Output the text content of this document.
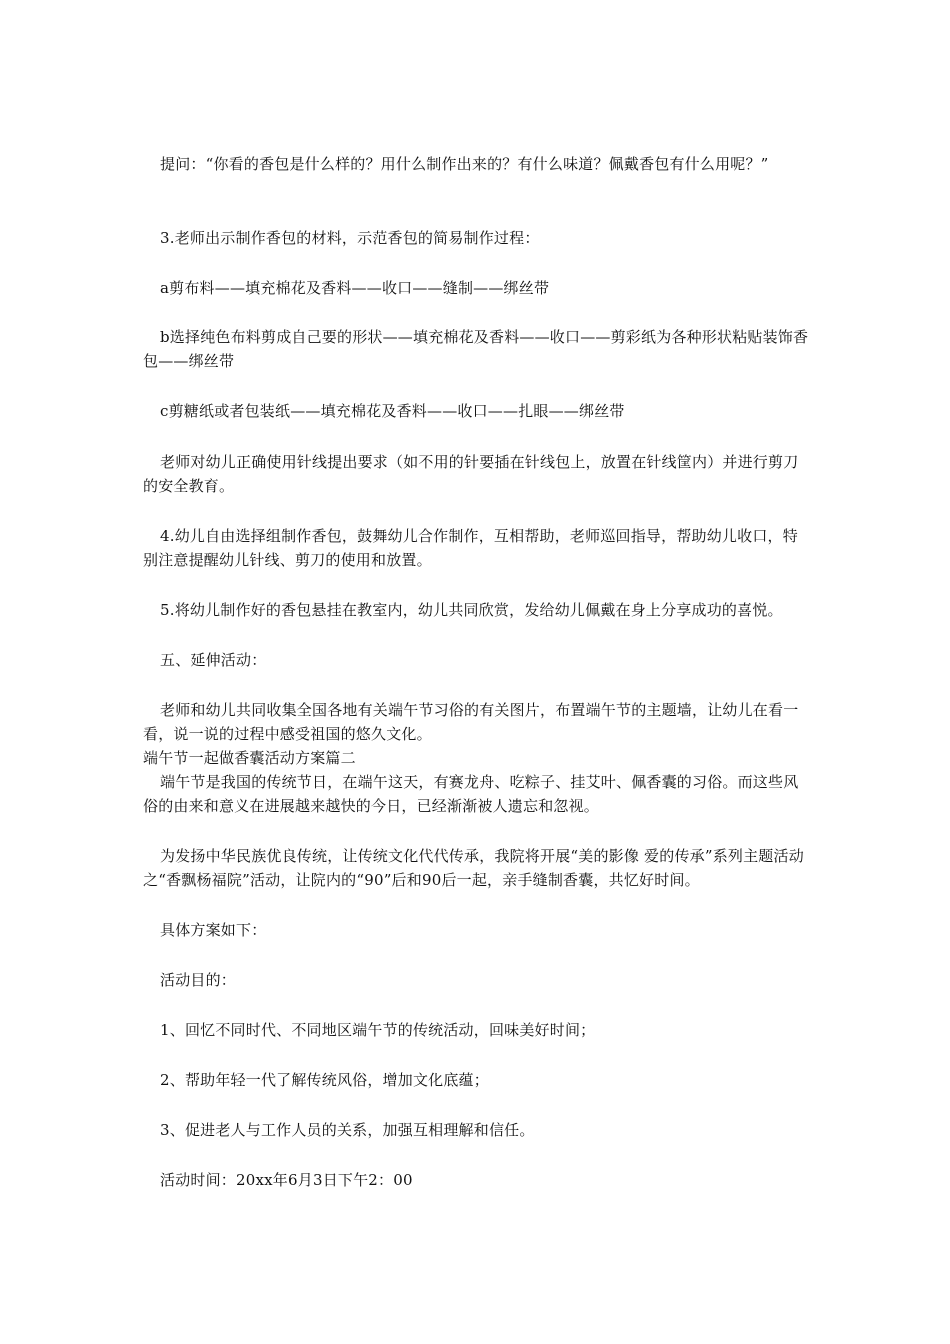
提问：“你看的香包是什么样的？用什么制作出来的？有什么味道？佩戴香包有什么用呢？”
3.老师出示制作香包的材料，示范香包的简易制作过程：
a剪布料——填充棉花及香料——收口——缝制——绑丝带
b选择纯色布料剪成自己要的形状——填充棉花及香料——收口——剪彩纸为各种形状粘贴装饰香包——绑丝带
c剪糖纸或者包装纸——填充棉花及香料——收口——扎眼——绑丝带
老师对幼儿正确使用针线提出要求（如不用的针要插在针线包上，放置在针线筐内）并进行剪刀的安全教育。
4.幼儿自由选择组制作香包，鼓舞幼儿合作制作，互相帮助，老师巡回指导，帮助幼儿收口，特别注意提醒幼儿针线、剪刀的使用和放置。
5.将幼儿制作好的香包悬挂在教室内，幼儿共同欣赏，发给幼儿佩戴在身上分享成功的喜悦。
五、延伸活动：
老师和幼儿共同收集全国各地有关端午节习俗的有关图片，布置端午节的主题墙，让幼儿在看一看，说一说的过程中感受祖国的悠久文化。
端午节一起做香囊活动方案篇二
端午节是我国的传统节日，在端午这天，有赛龙舟、吃粽子、挂艾叶、佩香囊的习俗。而这些风俗的由来和意义在进展越来越快的今日，已经渐渐被人遗忘和忽视。
为发扬中华民族优良传统，让传统文化代代传承，我院将开展“美的影像 爱的传承”系列主题活动之“香飘杨福院”活动，让院内的“90”后和90后一起，亲手缝制香囊，共忆好时间。
具体方案如下：
活动目的：
1、回忆不同时代、不同地区端午节的传统活动，回味美好时间；
2、帮助年轻一代了解传统风俗，增加文化底蕴；
3、促进老人与工作人员的关系，加强互相理解和信任。
活动时间：20xx年6月3日下午2：00
